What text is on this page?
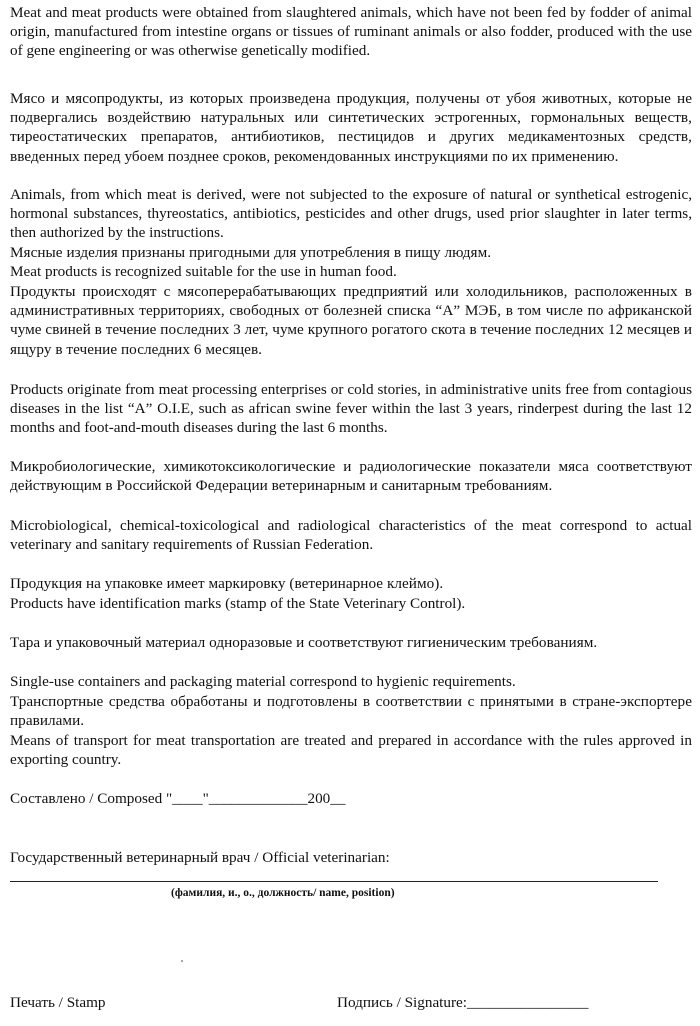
Meat and meat products were obtained from slaughtered animals, which have not been fed by fodder of animal origin, manufactured from intestine organs or tissues of ruminant animals or also fodder, produced with the use of gene engineering or was otherwise genetically modified.

Мясо и мясопродукты, из которых произведена продукция, получены от убоя животных, которые не подвергались воздействию натуральных или синтетических эстрогенных, гормональных веществ, тиреостатических препаратов, антибиотиков, пестицидов и других медикаментозных средств, введенных перед убоем позднее сроков, рекомендованных инструкциями по их применению.

Animals, from which meat is derived, were not subjected to the exposure of natural or synthetical estrogenic, hormonal substances, thyreostatics, antibiotics, pesticides and other drugs, used prior slaughter in later terms, then authorized by the instructions.

Мясные изделия признаны пригодными для употребления в пищу людям.

Meat products is recognized suitable for the use in human food.

Продукты происходят с мясоперерабатывающих предприятий или холодильников, расположенных в административных территориях, свободных от болезней списка “А” МЭБ, в том числе по африканской чуме свиней в течение последних 3 лет, чуме крупного рогатого скота в течение последних 12 месяцев и ящуру в течение последних 6 месяцев.

Products originate from meat processing enterprises or cold stories, in administrative units free from contagious diseases in the list “A” O.I.E, such as african swine fever within the last 3 years, rinderpest during the last 12 months and foot-and-mouth diseases during the last 6 months.

Микробиологические, химикотоксикологические и радиологические показатели мяса соответствуют действующим в Российской Федерации ветеринарным и санитарным требованиям.

Microbiological, chemical-toxicological and radiological characteristics of the meat correspond to actual veterinary and sanitary requirements of Russian Federation.

Продукция на упаковке имеет маркировку (ветеринарное клеймо).

Products have identification marks (stamp of the State Veterinary Control).

Тара и упаковочный материал одноразовые и соответствуют гигиеническим требованиям.

Single-use containers and packaging material correspond to hygienic requirements.

Транспортные средства обработаны и подготовлены в соответствии с принятыми в стране-экспортере правилами.

Means of transport for meat transportation are treated and prepared in accordance with the rules approved in exporting country.

Составлено / Composed "____"_____________200__
Государственный ветеринарный врач / Official veterinarian:
(фамилия, и., о., должность/ name, position)
Печать / Stamp	Подпись / Signature:________________
